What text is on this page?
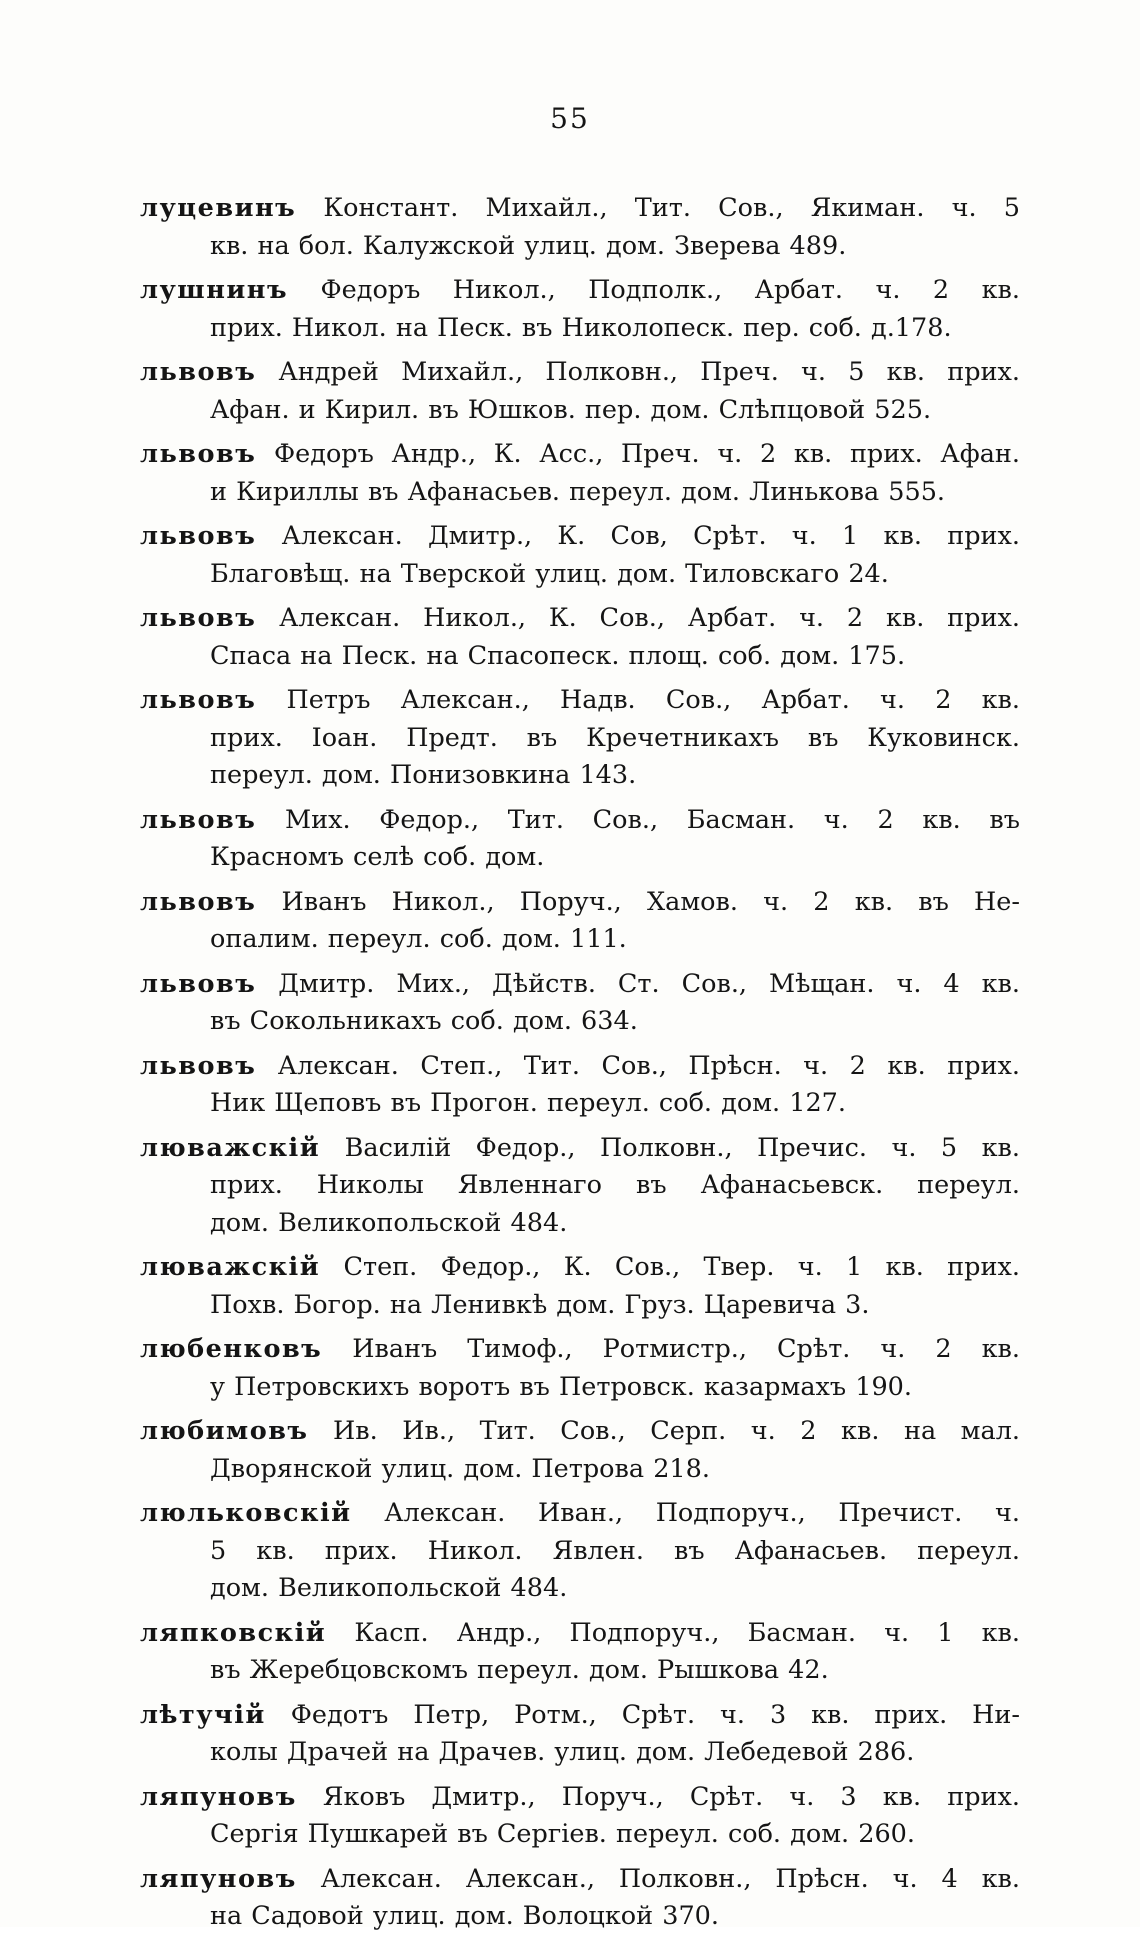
55
луцевинъ Констант. Михайл., Тит. Сов., Якиман. ч. 5
кв. на бол. Калужской улиц. дом. Зверева 489.
лушнинъ Федоръ Никол., Подполк., Арбат. ч. 2 кв.
прих. Никол. на Песк. въ Николопеск. пер. соб. д.178.
львовъ Андрей Михайл., Полковн., Преч. ч. 5 кв. прих.
Афан. и Кирил. въ Юшков. пер. дом. Слѣпцовой 525.
львовъ Федоръ Андр., К. Асс., Преч. ч. 2 кв. прих. Афан.
и Кириллы въ Афанасьев. переул. дом. Линькова 555.
львовъ Алексан. Дмитр., К. Сов, Срѣт. ч. 1 кв. прих.
Благовѣщ. на Тверской улиц. дом. Тиловскаго 24.
львовъ Алексан. Никол., К. Сов., Арбат. ч. 2 кв. прих.
Спаса на Песк. на Спасопеск. площ. соб. дом. 175.
львовъ Петръ Алексан., Надв. Сов., Арбат. ч. 2 кв.
прих. Іоан. Предт. въ Кречетникахъ въ Куковинск.
переул. дом. Понизовкина 143.
львовъ Мих. Федор., Тит. Сов., Басман. ч. 2 кв. въ
Красномъ селѣ соб. дом.
львовъ Иванъ Никол., Поруч., Хамов. ч. 2 кв. въ Не-
опалим. переул. соб. дом. 111.
львовъ Дмитр. Мих., Дѣйств. Ст. Сов., Мѣщан. ч. 4 кв.
въ Сокольникахъ соб. дом. 634.
львовъ Алексан. Степ., Тит. Сов., Прѣсн. ч. 2 кв. прих.
Ник Щеповъ въ Прогон. переул. соб. дом. 127.
люважскій Василій Федор., Полковн., Пречис. ч. 5 кв.
прих. Николы Явленнаго въ Афанасьевск. переул.
дом. Великопольской 484.
люважскій Степ. Федор., К. Сов., Твер. ч. 1 кв. прих.
Похв. Богор. на Ленивкѣ дом. Груз. Царевича 3.
любенковъ Иванъ Тимоф., Ротмистр., Срѣт. ч. 2 кв.
у Петровскихъ воротъ въ Петровск. казармахъ 190.
любимовъ Ив. Ив., Тит. Сов., Серп. ч. 2 кв. на мал.
Дворянской улиц. дом. Петрова 218.
люльковскій Алексан. Иван., Подпоруч., Пречист. ч.
5 кв. прих. Никол. Явлен. въ Афанасьев. переул.
дом. Великопольской 484.
ляпковскій Касп. Андр., Подпоруч., Басман. ч. 1 кв.
въ Жеребцовскомъ переул. дом. Рышкова 42.
лѣтучій Федотъ Петр, Ротм., Срѣт. ч. 3 кв. прих. Ни-
колы Драчей на Драчев. улиц. дом. Лебедевой 286.
ляпуновъ Яковъ Дмитр., Поруч., Срѣт. ч. 3 кв. прих.
Сергія Пушкарей въ Сергіев. переул. соб. дом. 260.
ляпуновъ Алексан. Алексан., Полковн., Прѣсн. ч. 4 кв.
на Садовой улиц. дом. Волоцкой 370.
